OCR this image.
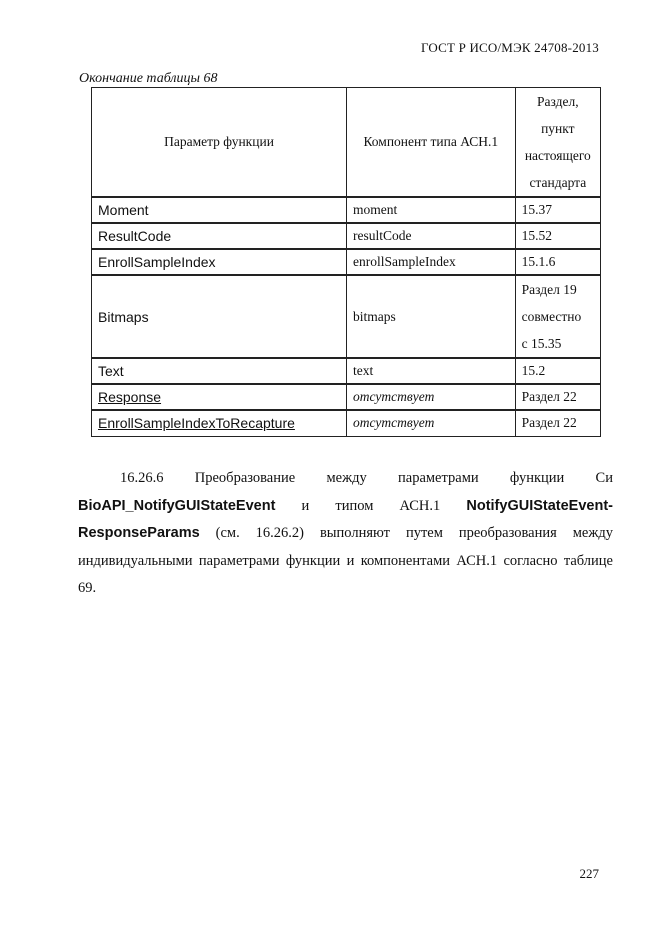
ГОСТ Р ИСО/МЭК 24708-2013
Окончание таблицы 68
Параметр функции	Компонент типа АСН.1	Раздел,
пункт
настоящего
стандарта

Moment	moment	15.37
ResultCode	resultCode	15.52
EnrollSampleIndex	enrollSampleIndex	15.1.6
Bitmaps	bitmaps	Раздел 19
совместно
с 15.35

Text	text	15.2
Response	отсутствует	Раздел 22
EnrollSampleIndexToRecapture	отсутствует	Раздел 22
16.26.6 Преобразование между параметрами функции Си BioAPI_NotifyGUIStateEvent и типом АСН.1 NotifyGUIStateEvent-ResponseParams (см. 16.26.2) выполняют путем преобразования между индивидуальными параметрами функции и компонентами АСН.1 согласно таблице 69.
227
